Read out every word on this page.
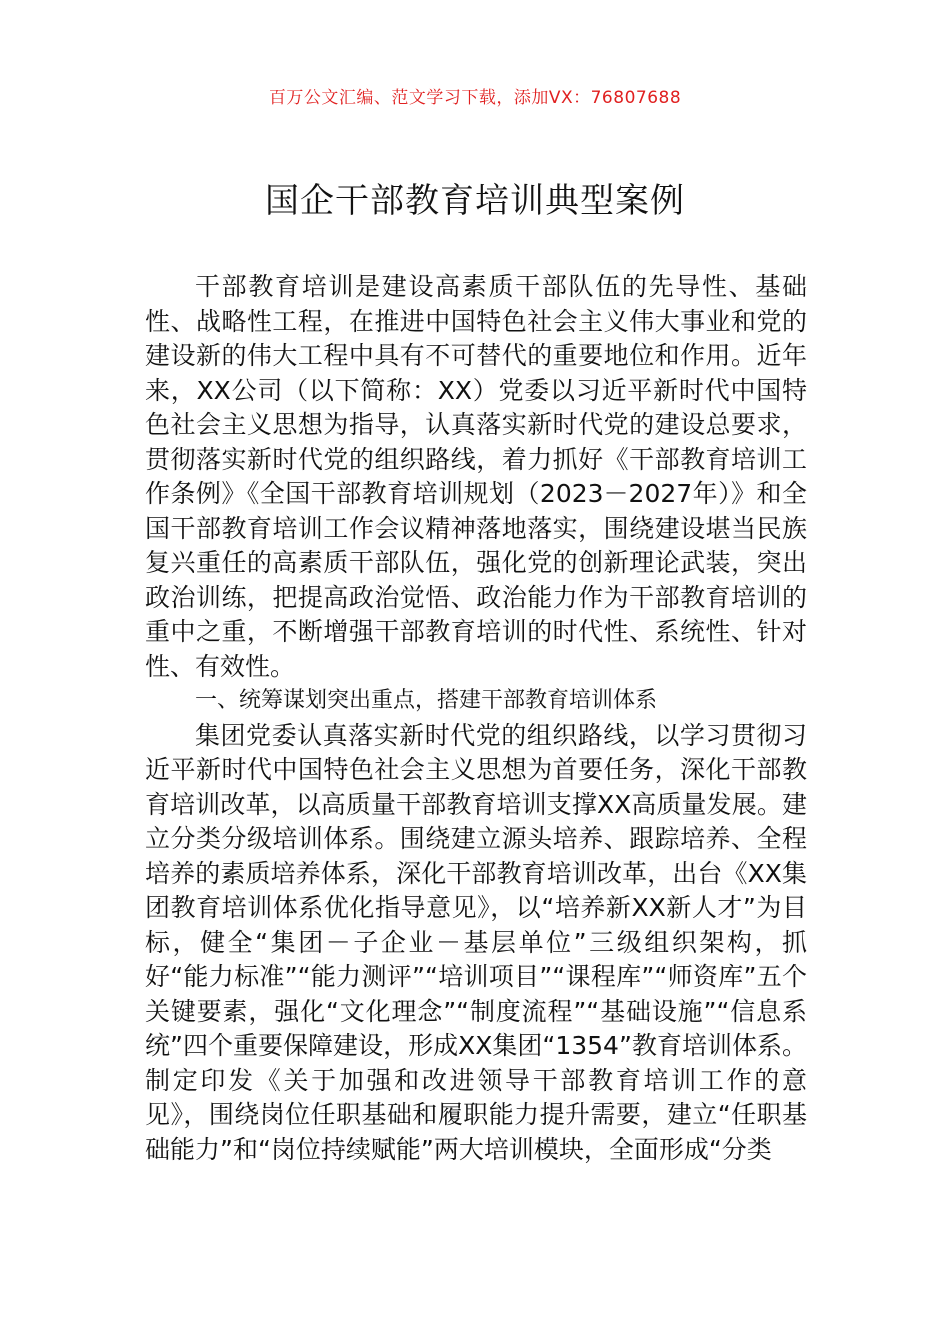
百万公文汇编、范文学习下载，添加VX：76807688
国企干部教育培训典型案例

干部教育培训是建设高素质干部队伍的先导性、基础性、战略性工程，在推进中国特色社会主义伟大事业和党的建设新的伟大工程中具有不可替代的重要地位和作用。近年来，XX公司（以下简称：XX）党委以习近平新时代中国特色社会主义思想为指导，认真落实新时代党的建设总要求，贯彻落实新时代党的组织路线，着力抓好《干部教育培训工作条例》《全国干部教育培训规划（2023－2027年）》和全国干部教育培训工作会议精神落地落实，围绕建设堪当民族复兴重任的高素质干部队伍，强化党的创新理论武装，突出政治训练，把提高政治觉悟、政治能力作为干部教育培训的重中之重，不断增强干部教育培训的时代性、系统性、针对性、有效性。

一、统筹谋划突出重点，搭建干部教育培训体系

集团党委认真落实新时代党的组织路线，以学习贯彻习近平新时代中国特色社会主义思想为首要任务，深化干部教育培训改革，以高质量干部教育培训支撑XX高质量发展。建立分类分级培训体系。围绕建立源头培养、跟踪培养、全程培养的素质培养体系，深化干部教育培训改革，出台《XX集团教育培训体系优化指导意见》，以“培养新XX新人才”为目标，健全“集团－子企业－基层单位”三级组织架构，抓好“能力标准”“能力测评”“培训项目”“课程库”“师资库”五个关键要素，强化“文化理念”“制度流程”“基础设施”“信息系统”四个重要保障建设，形成XX集团“1354”教育培训体系。制定印发《关于加强和改进领导干部教育培训工作的意见》，围绕岗位任职基础和履职能力提升需要，建立“任职基础能力”和“岗位持续赋能”两大培训模块，全面形成“分类
